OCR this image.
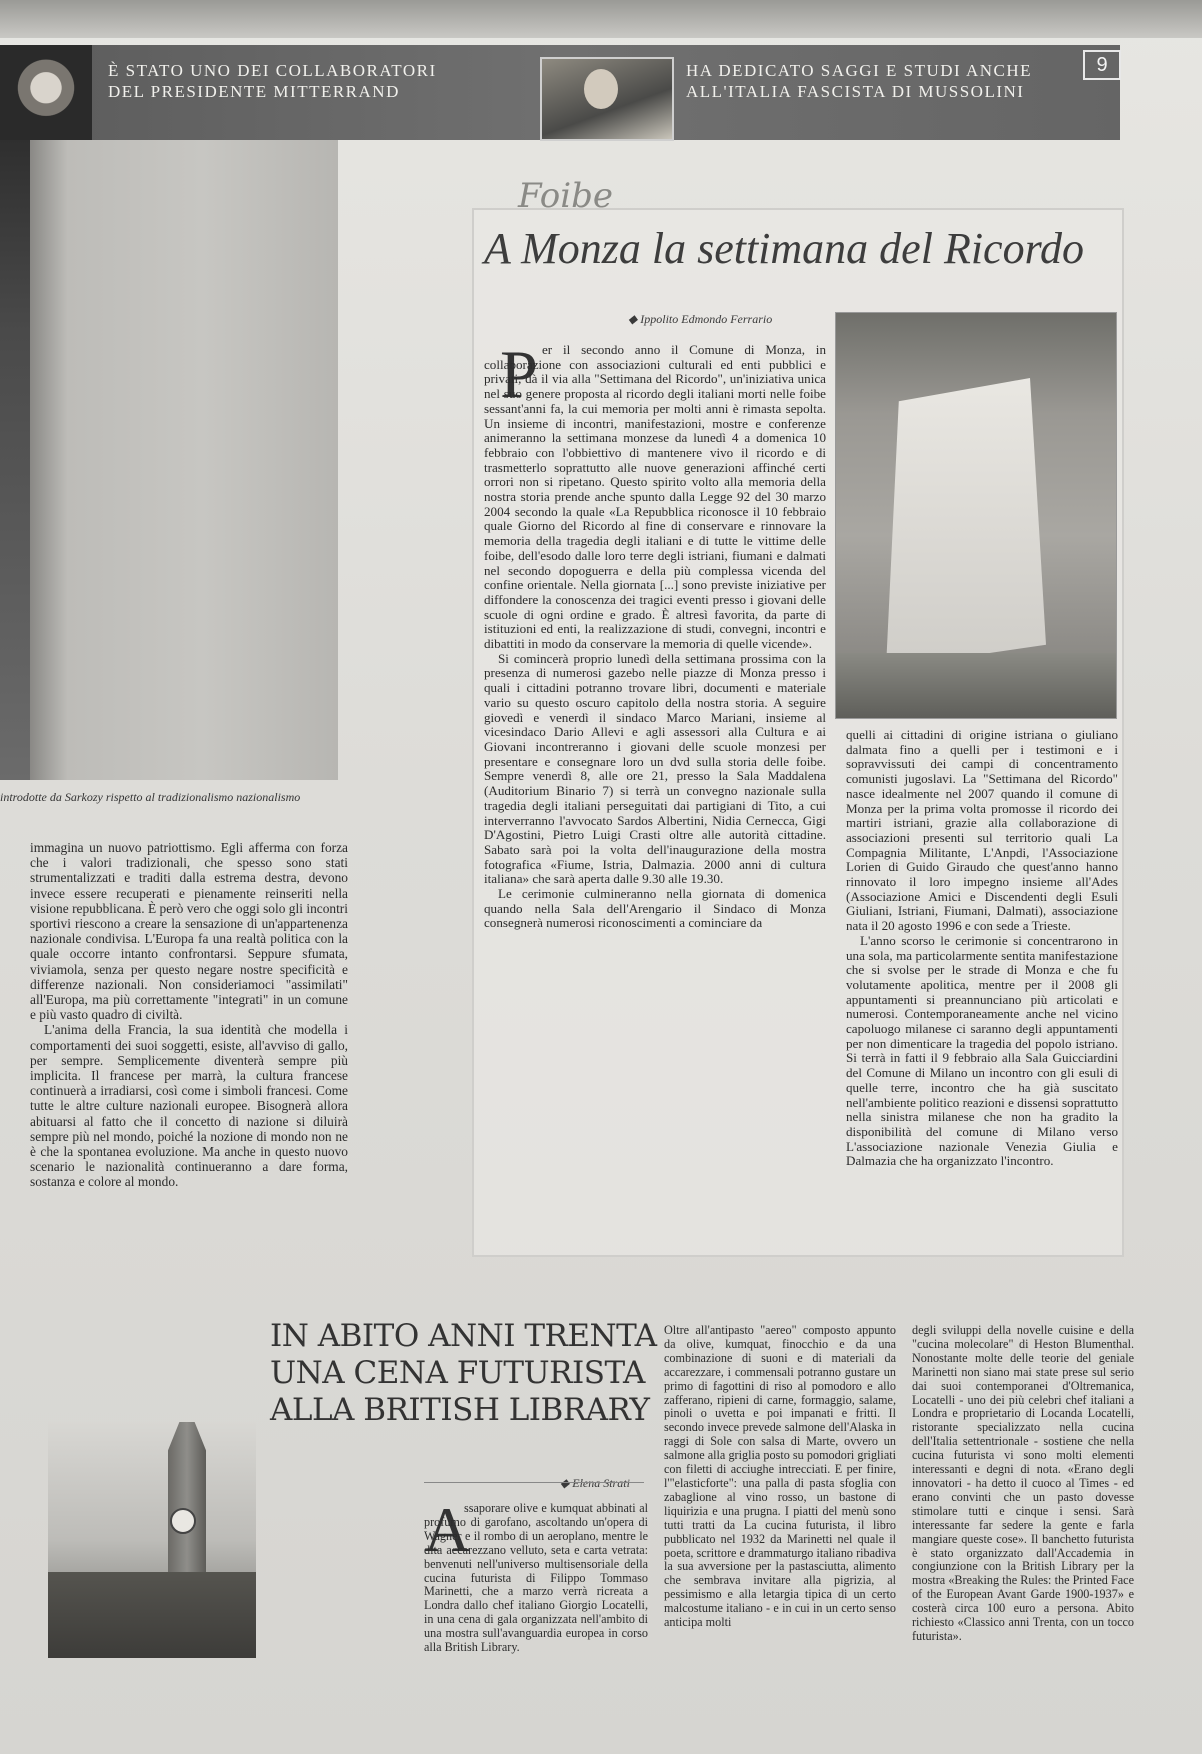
È STATO UNO DEI COLLABORATORI
DEL PRESIDENTE MITTERRAND
HA DEDICATO SAGGI E STUDI ANCHE
ALL'ITALIA FASCISTA DI MUSSOLINI
9
introdotte da Sarkozy rispetto al tradizionalismo nazionalismo

immagina un nuovo patriottismo. Egli afferma con forza che i valori tradizionali, che spesso sono stati strumentalizzati e traditi dalla estrema destra, devono invece essere recuperati e pienamente reinseriti nella visione repubblicana. È però vero che oggi solo gli incontri sportivi riescono a creare la sensazione di un'appartenenza nazionale condivisa. L'Europa fa una realtà politica con la quale occorre intanto confrontarsi. Seppure sfumata, viviamola, senza per questo negare nostre specificità e differenze nazionali. Non consideriamoci "assimilati" all'Europa, ma più correttamente "integrati" in un comune e più vasto quadro di civiltà.

L'anima della Francia, la sua identità che modella i comportamenti dei suoi soggetti, esiste, all'avviso di gallo, per sempre. Semplicemente diventerà sempre più implicita. Il francese per marrà, la cultura francese continuerà a irradiarsi, così come i simboli francesi. Come tutte le altre culture nazionali europee. Bisognerà allora abituarsi al fatto che il concetto di nazione si diluirà sempre più nel mondo, poiché la nozione di mondo non ne è che la spontanea evoluzione. Ma anche in questo nuovo scenario le nazionalità continueranno a dare forma, sostanza e colore al mondo.

Foibe
A Monza la settimana del Ricordo
◆ Ippolito Edmondo Ferrario
P er il secondo anno il Comune di Monza, in collaborazione con associazioni culturali ed enti pubblici e privati, dà il via alla "Settimana del Ricordo", un'iniziativa unica nel suo genere proposta al ricordo degli italiani morti nelle foibe sessant'anni fa, la cui memoria per molti anni è rimasta sepolta. Un insieme di incontri, manifestazioni, mostre e conferenze animeranno la settimana monzese da lunedì 4 a domenica 10 febbraio con l'obbiettivo di mantenere vivo il ricordo e di trasmetterlo soprattutto alle nuove generazioni affinché certi orrori non si ripetano. Questo spirito volto alla memoria della nostra storia prende anche spunto dalla Legge 92 del 30 marzo 2004 secondo la quale «La Repubblica riconosce il 10 febbraio quale Giorno del Ricordo al fine di conservare e rinnovare la memoria della tragedia degli italiani e di tutte le vittime delle foibe, dell'esodo dalle loro terre degli istriani, fiumani e dalmati nel secondo dopoguerra e della più complessa vicenda del confine orientale. Nella giornata [...] sono previste iniziative per diffondere la conoscenza dei tragici eventi presso i giovani delle scuole di ogni ordine e grado. È altresì favorita, da parte di istituzioni ed enti, la realizzazione di studi, convegni, incontri e dibattiti in modo da conservare la memoria di quelle vicende».

Si comincerà proprio lunedì della settimana prossima con la presenza di numerosi gazebo nelle piazze di Monza presso i quali i cittadini potranno trovare libri, documenti e materiale vario su questo oscuro capitolo della nostra storia. A seguire giovedì e venerdì il sindaco Marco Mariani, insieme al vicesindaco Dario Allevi e agli assessori alla Cultura e ai Giovani incontreranno i giovani delle scuole monzesi per presentare e consegnare loro un dvd sulla storia delle foibe. Sempre venerdì 8, alle ore 21, presso la Sala Maddalena (Auditorium Binario 7) si terrà un convegno nazionale sulla tragedia degli italiani perseguitati dai partigiani di Tito, a cui interverranno l'avvocato Sardos Albertini, Nidia Cernecca, Gigi D'Agostini, Pietro Luigi Crasti oltre alle autorità cittadine. Sabato sarà poi la volta dell'inaugurazione della mostra fotografica «Fiume, Istria, Dalmazia. 2000 anni di cultura italiana» che sarà aperta dalle 9.30 alle 19.30.

Le cerimonie culmineranno nella giornata di domenica quando nella Sala dell'Arengario il Sindaco di Monza consegnerà numerosi riconoscimenti a cominciare da

quelli ai cittadini di origine istriana o giuliano dalmata fino a quelli per i testimoni e i sopravvissuti dei campi di concentramento comunisti jugoslavi. La "Settimana del Ricordo" nasce idealmente nel 2007 quando il comune di Monza per la prima volta promosse il ricordo dei martiri istriani, grazie alla collaborazione di associazioni presenti sul territorio quali La Compagnia Militante, L'Anpdi, l'Associazione Lorien di Guido Giraudo che quest'anno hanno rinnovato il loro impegno insieme all'Ades (Associazione Amici e Discendenti degli Esuli Giuliani, Istriani, Fiumani, Dalmati), associazione nata il 20 agosto 1996 e con sede a Trieste.

L'anno scorso le cerimonie si concentrarono in una sola, ma particolarmente sentita manifestazione che si svolse per le strade di Monza e che fu volutamente apolitica, mentre per il 2008 gli appuntamenti si preannunciano più articolati e numerosi. Contemporaneamente anche nel vicino capoluogo milanese ci saranno degli appuntamenti per non dimenticare la tragedia del popolo istriano. Si terrà in fatti il 9 febbraio alla Sala Guicciardini del Comune di Milano un incontro con gli esuli di quelle terre, incontro che ha già suscitato nell'ambiente politico reazioni e dissensi soprattutto nella sinistra milanese che non ha gradito la disponibilità del comune di Milano verso L'associazione nazionale Venezia Giulia e Dalmazia che ha organizzato l'incontro.

IN ABITO ANNI TRENTA
UNA CENA FUTURISTA
ALLA BRITISH LIBRARY
◆ Elena Strati
A

ssaporare olive e kumquat abbinati al profumo di garofano, ascoltando un'opera di Wagner e il rombo di un aeroplano, mentre le dita accarezzano velluto, seta e carta vetrata: benvenuti nell'universo multisensoriale della cucina futurista di Filippo Tommaso Marinetti, che a marzo verrà ricreata a Londra dallo chef italiano Giorgio Locatelli, in una cena di gala organizzata nell'ambito di una mostra sull'avanguardia europea in corso alla British Library.

Oltre all'antipasto "aereo" composto appunto da olive, kumquat, finocchio e da una combinazione di suoni e di materiali da accarezzare, i commensali potranno gustare un primo di fagottini di riso al pomodoro e allo zafferano, ripieni di carne, formaggio, salame, pinoli o uvetta e poi impanati e fritti. Il secondo invece prevede salmone dell'Alaska in raggi di Sole con salsa di Marte, ovvero un salmone alla griglia posto su pomodori grigliati con filetti di acciughe intrecciati. E per finire, l'"elasticforte": una palla di pasta sfoglia con zabaglione al vino rosso, un bastone di liquirizia e una prugna. I piatti del menù sono tutti tratti da La cucina futurista, il libro pubblicato nel 1932 da Marinetti nel quale il poeta, scrittore e drammaturgo italiano ribadiva la sua avversione per la pastasciutta, alimento che sembrava invitare alla pigrizia, al pessimismo e alla letargia tipica di un certo malcostume italiano - e in cui in un certo senso anticipa molti

degli sviluppi della novelle cuisine e della "cucina molecolare" di Heston Blumenthal. Nonostante molte delle teorie del geniale Marinetti non siano mai state prese sul serio dai suoi contemporanei d'Oltremanica, Locatelli - uno dei più celebri chef italiani a Londra e proprietario di Locanda Locatelli, ristorante specializzato nella cucina dell'Italia settentrionale - sostiene che nella cucina futurista vi sono molti elementi interessanti e degni di nota. «Erano degli innovatori - ha detto il cuoco al Times - ed erano convinti che un pasto dovesse stimolare tutti e cinque i sensi. Sarà interessante far sedere la gente e farla mangiare queste cose». Il banchetto futurista è stato organizzato dall'Accademia in congiunzione con la British Library per la mostra «Breaking the Rules: the Printed Face of the European Avant Garde 1900-1937» e costerà circa 100 euro a persona. Abito richiesto «Classico anni Trenta, con un tocco futurista».
